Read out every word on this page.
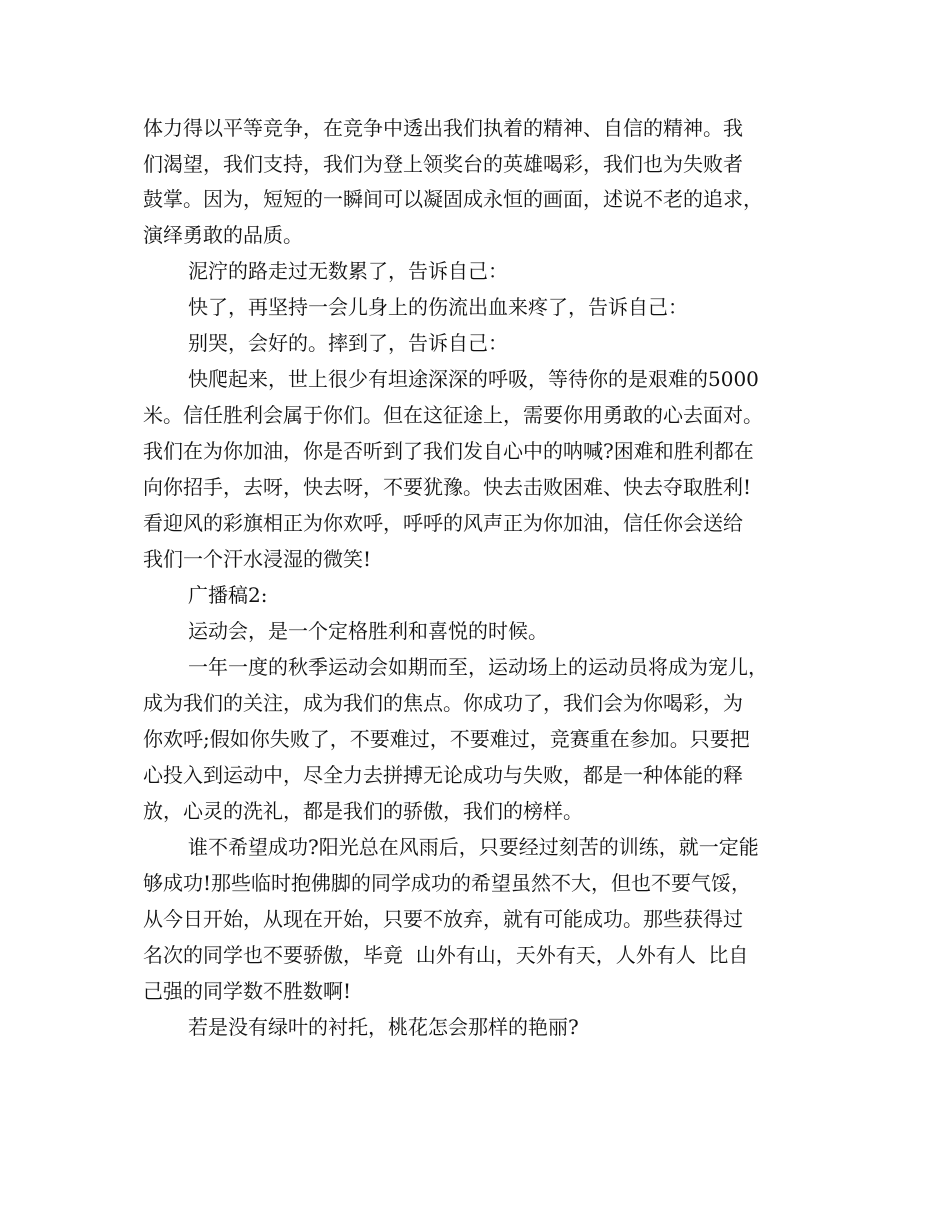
体力得以平等竞争，在竞争中透出我们执着的精神、自信的精神。我
们渴望，我们支持，我们为登上领奖台的英雄喝彩，我们也为失败者
鼓掌。因为，短短的一瞬间可以凝固成永恒的画面，述说不老的追求，
演绎勇敢的品质。
泥泞的路走过无数累了，告诉自己：
快了，再坚持一会儿身上的伤流出血来疼了，告诉自己：
别哭，会好的。摔到了，告诉自己：
快爬起来，世上很少有坦途深深的呼吸，等待你的是艰难的5000
米。信任胜利会属于你们。但在这征途上，需要你用勇敢的心去面对。
我们在为你加油，你是否听到了我们发自心中的呐喊?困难和胜利都在
向你招手，去呀，快去呀，不要犹豫。快去击败困难、快去夺取胜利!
看迎风的彩旗相正为你欢呼，呼呼的风声正为你加油，信任你会送给
我们一个汗水浸湿的微笑!
广播稿2:
运动会，是一个定格胜利和喜悦的时候。
一年一度的秋季运动会如期而至，运动场上的运动员将成为宠儿，
成为我们的关注，成为我们的焦点。你成功了，我们会为你喝彩，为
你欢呼;假如你失败了，不要难过，不要难过，竞赛重在参加。只要把
心投入到运动中，尽全力去拼搏无论成功与失败，都是一种体能的释
放，心灵的洗礼，都是我们的骄傲，我们的榜样。
谁不希望成功?阳光总在风雨后，只要经过刻苦的训练，就一定能
够成功!那些临时抱佛脚的同学成功的希望虽然不大，但也不要气馁，
从今日开始，从现在开始，只要不放弃，就有可能成功。那些获得过
名次的同学也不要骄傲，毕竟  山外有山，天外有天，人外有人  比自
己强的同学数不胜数啊!
若是没有绿叶的衬托，桃花怎会那样的艳丽?
